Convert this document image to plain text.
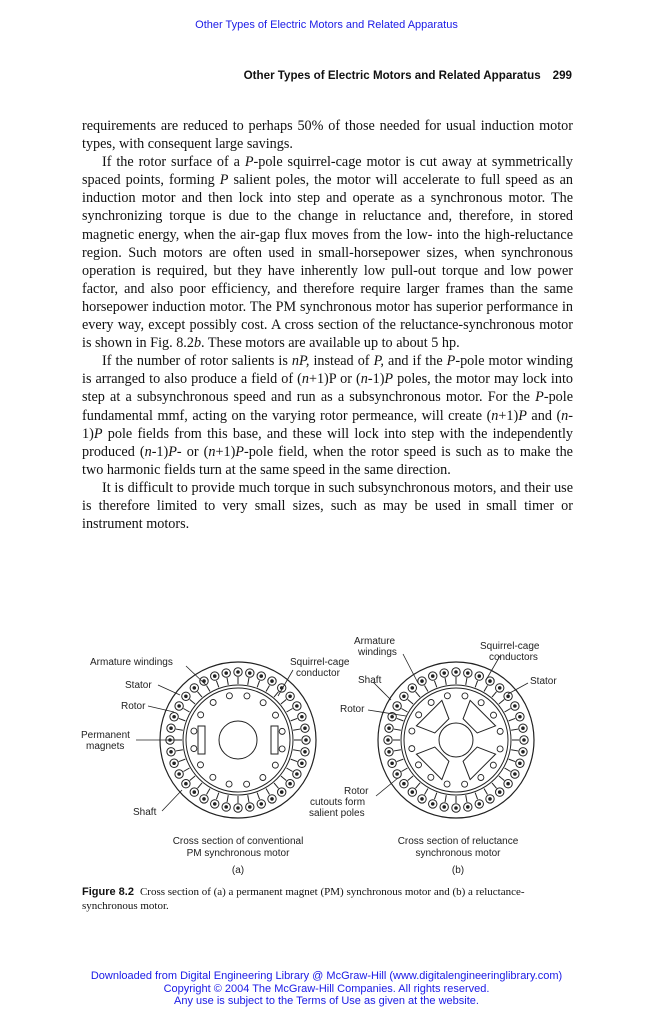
Other Types of Electric Motors and Related Apparatus
Other Types of Electric Motors and Related Apparatus 299

requirements are reduced to perhaps 50% of those needed for usual induction motor types, with consequent large savings.

If the rotor surface of a P-pole squirrel-cage motor is cut away at symmetrically spaced points, forming P salient poles, the motor will accelerate to full speed as an induction motor and then lock into step and operate as a synchronous motor. The synchronizing torque is due to the change in reluctance and, therefore, in stored magnetic energy, when the air-gap flux moves from the low- into the high-reluctance region. Such motors are often used in small-horsepower sizes, when synchronous operation is required, but they have inherently low pull-out torque and low power factor, and also poor efficiency, and therefore require larger frames than the same horsepower induction motor. The PM synchronous motor has superior performance in every way, except possibly cost. A cross section of the reluctance-synchronous motor is shown in Fig. 8.2b. These motors are available up to about 5 hp.

If the number of rotor salients is nP, instead of P, and if the P-pole motor winding is arranged to also produce a field of (n+1)P or (n-1)P poles, the motor may lock into step at a subsynchronous speed and run as a subsynchronous motor. For the P-pole fundamental mmf, acting on the varying rotor permeance, will create (n+1)P and (n-1)P pole fields from this base, and these will lock into step with the independently produced (n-1)P- or (n+1)P-pole field, when the rotor speed is such as to make the two harmonic fields turn at the same speed in the same direction.

It is difficult to provide much torque in such subsynchronous motors, and their use is therefore limited to very small sizes, such as may be used in small timer or instrument motors.

Armature windings
Stator
Rotor
Permanent
magnets
Shaft
Squirrel-cage
conductor
Cross section of conventional
PM synchronous motor
(a)
Armature
windings
Squirrel-cage
conductors
Shaft	Stator
Rotor
Rotor
cutouts form
salient poles
Cross section of reluctance
synchronous motor
(b)
Figure 8.2 Cross section of (a) a permanent magnet (PM) synchronous motor and (b) a reluctance-synchronous motor.
Downloaded from Digital Engineering Library @ McGraw-Hill (www.digitalengineeringlibrary.com)
Copyright © 2004 The McGraw-Hill Companies. All rights reserved.
Any use is subject to the Terms of Use as given at the website.
